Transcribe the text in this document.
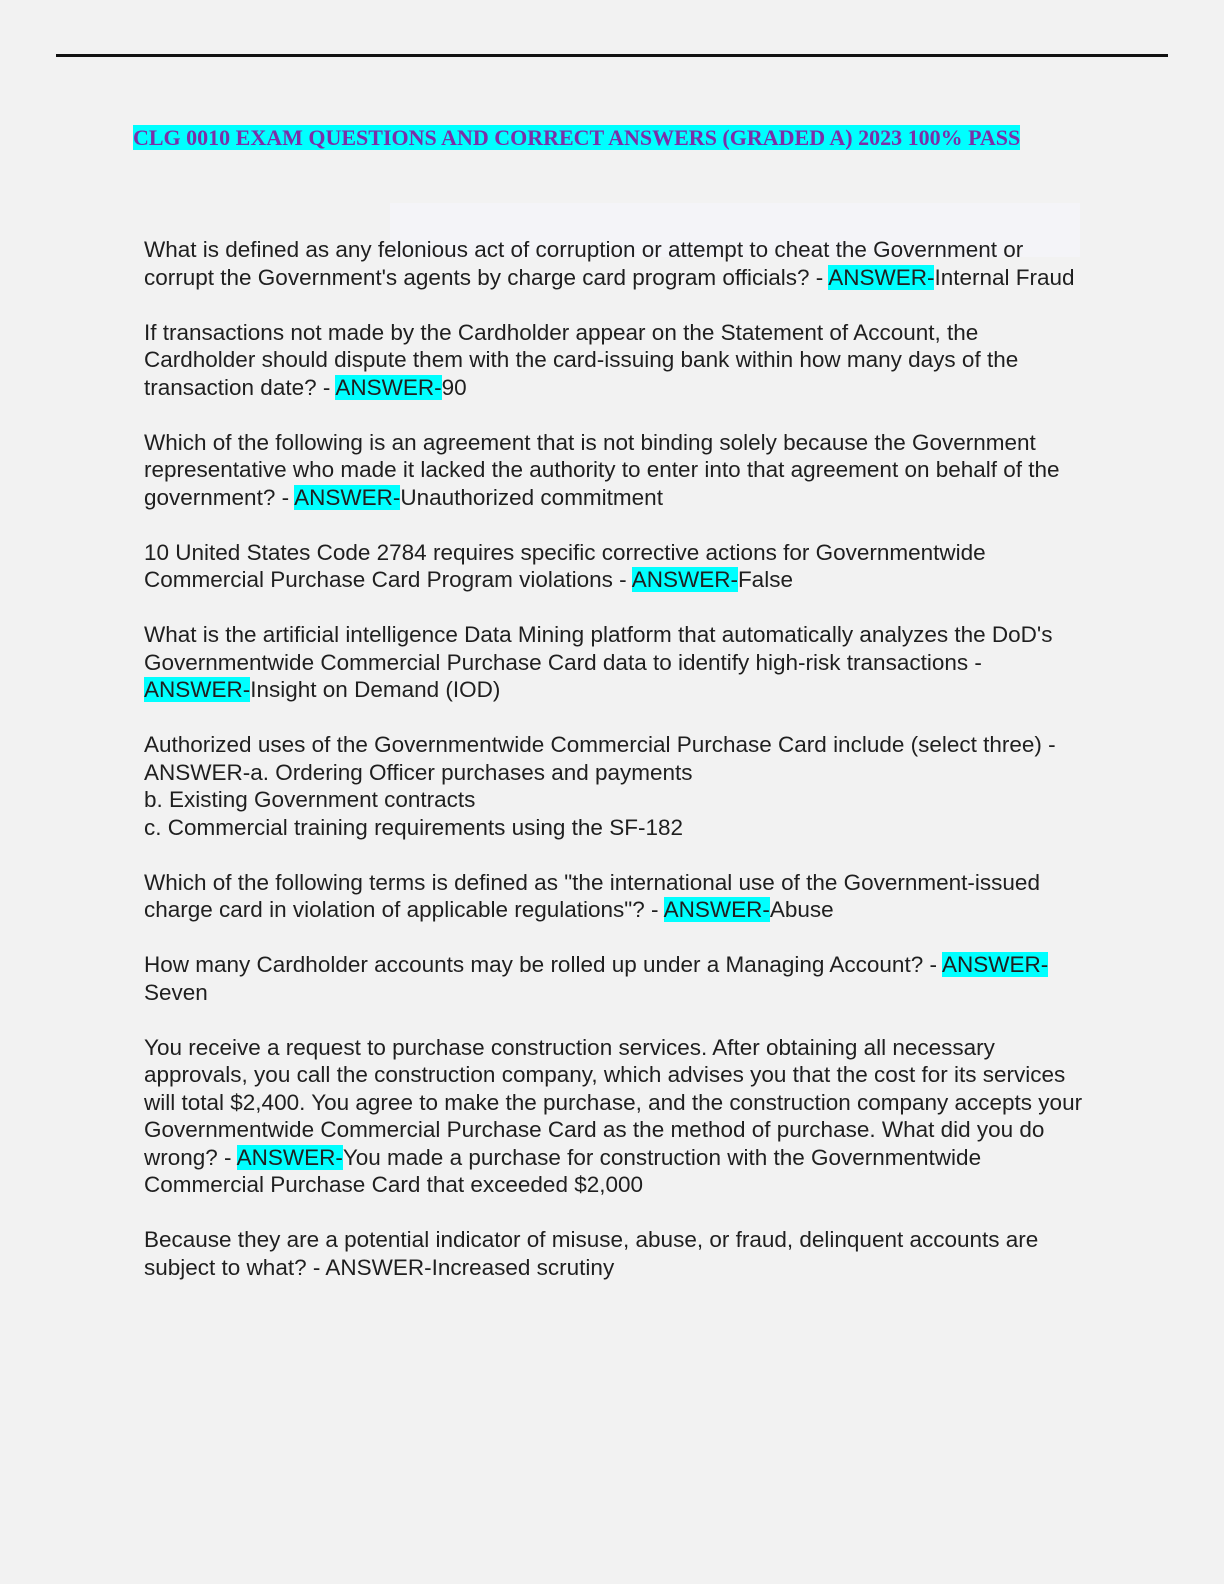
CLG 0010 EXAM QUESTIONS AND CORRECT ANSWERS (GRADED A) 2023 100% PASS
What is defined as any felonious act of corruption or attempt to cheat the Government or corrupt the Government's agents by charge card program officials? - ANSWER-Internal Fraud
If transactions not made by the Cardholder appear on the Statement of Account, the Cardholder should dispute them with the card-issuing bank within how many days of the transaction date? - ANSWER-90
Which of the following is an agreement that is not binding solely because the Government representative who made it lacked the authority to enter into that agreement on behalf of the government? - ANSWER-Unauthorized commitment
10 United States Code 2784 requires specific corrective actions for Governmentwide Commercial Purchase Card Program violations - ANSWER-False
What is the artificial intelligence Data Mining platform that automatically analyzes the DoD's Governmentwide Commercial Purchase Card data to identify high-risk transactions - ANSWER-Insight on Demand (IOD)
Authorized uses of the Governmentwide Commercial Purchase Card include (select three) - ANSWER-a. Ordering Officer purchases and payments
b. Existing Government contracts
c. Commercial training requirements using the SF-182
Which of the following terms is defined as "the international use of the Government-issued charge card in violation of applicable regulations"? - ANSWER-Abuse
How many Cardholder accounts may be rolled up under a Managing Account? - ANSWER-Seven
You receive a request to purchase construction services. After obtaining all necessary approvals, you call the construction company, which advises you that the cost for its services will total $2,400. You agree to make the purchase, and the construction company accepts your Governmentwide Commercial Purchase Card as the method of purchase. What did you do wrong? - ANSWER-You made a purchase for construction with the Governmentwide Commercial Purchase Card that exceeded $2,000
Because they are a potential indicator of misuse, abuse, or fraud, delinquent accounts are subject to what? - ANSWER-Increased scrutiny
